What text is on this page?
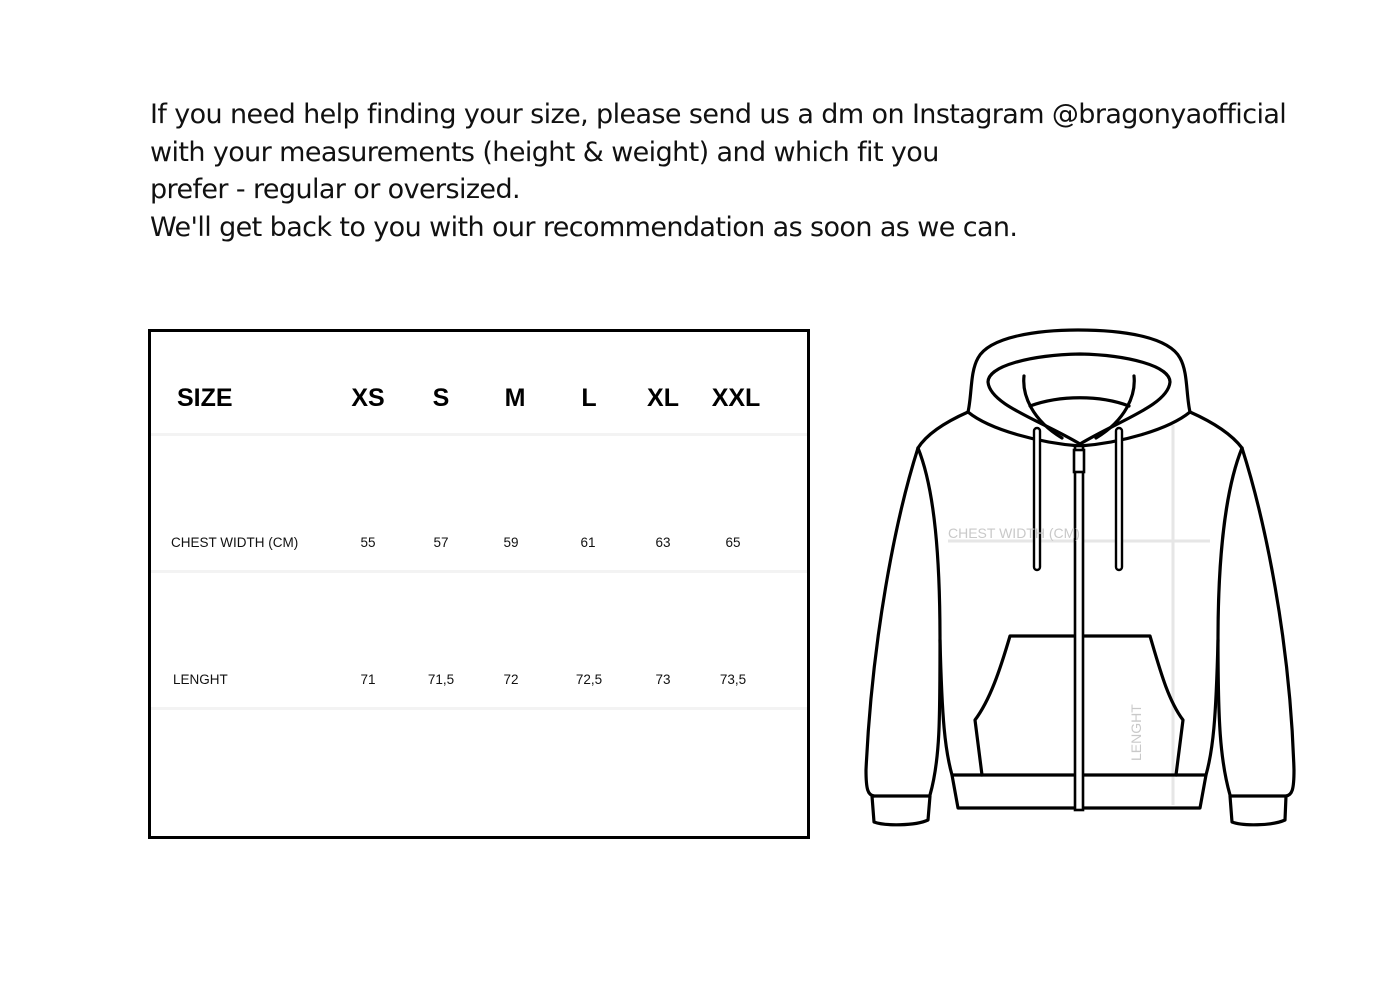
If you need help finding your size, please send us a dm on Instagram @bragonyaofficial
with your measurements (height & weight) and which fit you
prefer - regular or oversized.
We'll get back to you with our recommendation as soon as we can.
SIZE	XS S M L XL XXL
CHEST WIDTH (CM)	55	57	59	61	63	65
LENGHT	71	71,5	72	72,5	73	73,5
CHEST WIDTH (CM)
LENGHT
